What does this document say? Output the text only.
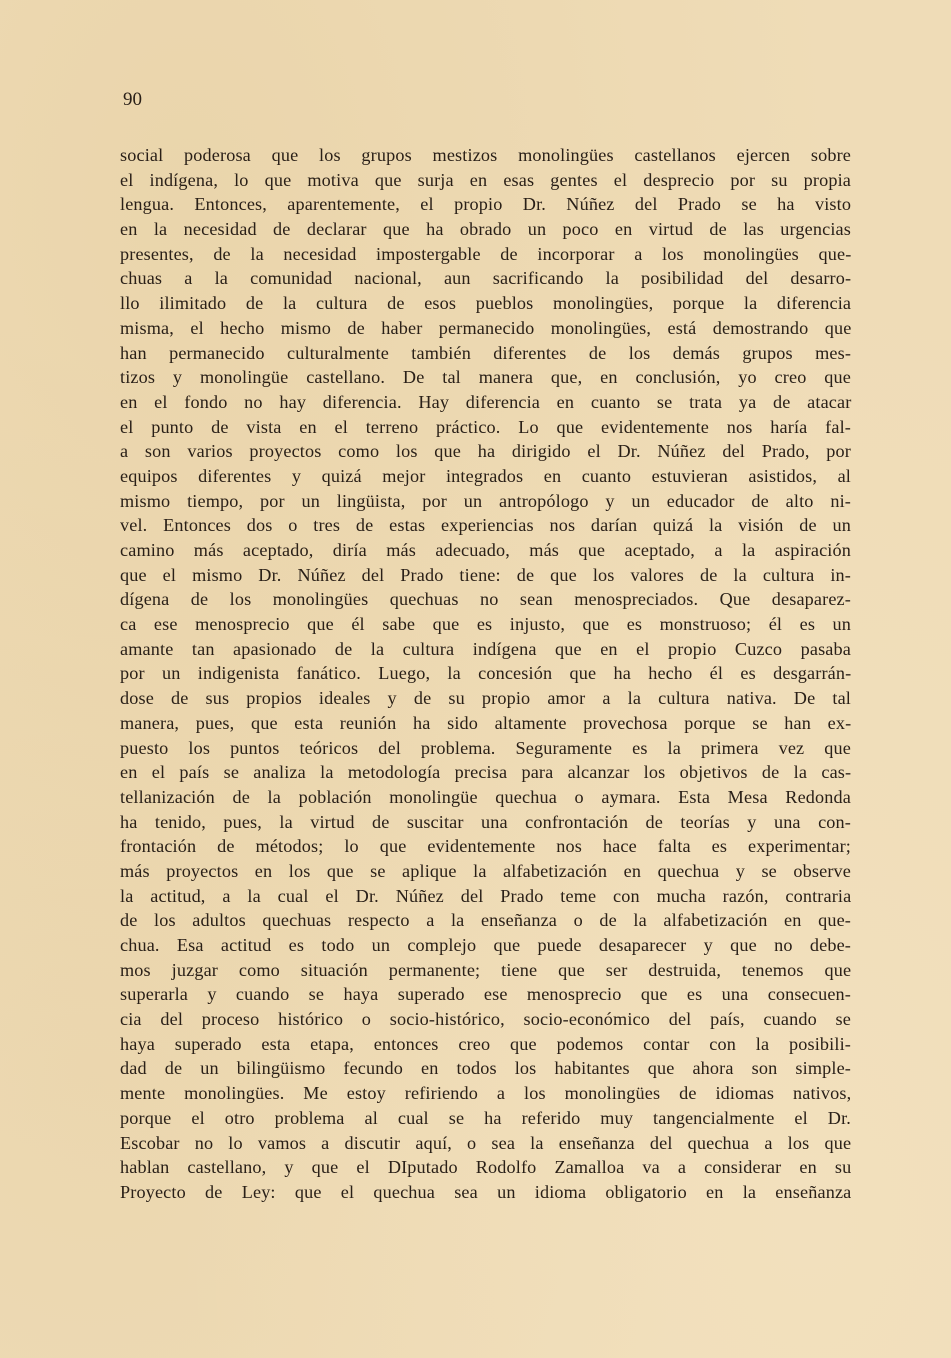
90
social poderosa que los grupos mestizos monolingües castellanos ejercen sobre
el indígena, lo que motiva que surja en esas gentes el desprecio por su propia
lengua. Entonces, aparentemente, el propio Dr. Núñez del Prado se ha visto
en la necesidad de declarar que ha obrado un poco en virtud de las urgencias
presentes, de la necesidad impostergable de incorporar a los monolingües que-
chuas a la comunidad nacional, aun sacrificando la posibilidad del desarro-
llo ilimitado de la cultura de esos pueblos monolingües, porque la diferencia
misma, el hecho mismo de haber permanecido monolingües, está demostrando que
han permanecido culturalmente también diferentes de los demás grupos mes-
tizos y monolingüe castellano. De tal manera que, en conclusión, yo creo que
en el fondo no hay diferencia. Hay diferencia en cuanto se trata ya de atacar
el punto de vista en el terreno práctico. Lo que evidentemente nos haría fal-
a son varios proyectos como los que ha dirigido el Dr. Núñez del Prado, por
equipos diferentes y quizá mejor integrados en cuanto estuvieran asistidos, al
mismo tiempo, por un lingüista, por un antropólogo y un educador de alto ni-
vel. Entonces dos o tres de estas experiencias nos darían quizá la visión de un
camino más aceptado, diría más adecuado, más que aceptado, a la aspiración
que el mismo Dr. Núñez del Prado tiene: de que los valores de la cultura in-
dígena de los monolingües quechuas no sean menospreciados. Que desaparez-
ca ese menosprecio que él sabe que es injusto, que es monstruoso; él es un
amante tan apasionado de la cultura indígena que en el propio Cuzco pasaba
por un indigenista fanático. Luego, la concesión que ha hecho él es desgarrán-
dose de sus propios ideales y de su propio amor a la cultura nativa. De tal
manera, pues, que esta reunión ha sido altamente provechosa porque se han ex-
puesto los puntos teóricos del problema. Seguramente es la primera vez que
en el país se analiza la metodología precisa para alcanzar los objetivos de la cas-
tellanización de la población monolingüe quechua o aymara. Esta Mesa Redonda
ha tenido, pues, la virtud de suscitar una confrontación de teorías y una con-
frontación de métodos; lo que evidentemente nos hace falta es experimentar;
más proyectos en los que se aplique la alfabetización en quechua y se observe
la actitud, a la cual el Dr. Núñez del Prado teme con mucha razón, contraria
de los adultos quechuas respecto a la enseñanza o de la alfabetización en que-
chua. Esa actitud es todo un complejo que puede desaparecer y que no debe-
mos juzgar como situación permanente; tiene que ser destruida, tenemos que
superarla y cuando se haya superado ese menosprecio que es una consecuen-
cia del proceso histórico o socio-histórico, socio-económico del país, cuando se
haya superado esta etapa, entonces creo que podemos contar con la posibili-
dad de un bilingüismo fecundo en todos los habitantes que ahora son simple-
mente monolingües. Me estoy refiriendo a los monolingües de idiomas nativos,
porque el otro problema al cual se ha referido muy tangencialmente el Dr.
Escobar no lo vamos a discutir aquí, o sea la enseñanza del quechua a los que
hablan castellano, y que el DIputado Rodolfo Zamalloa va a considerar en su
Proyecto de Ley: que el quechua sea un idioma obligatorio en la enseñanza
